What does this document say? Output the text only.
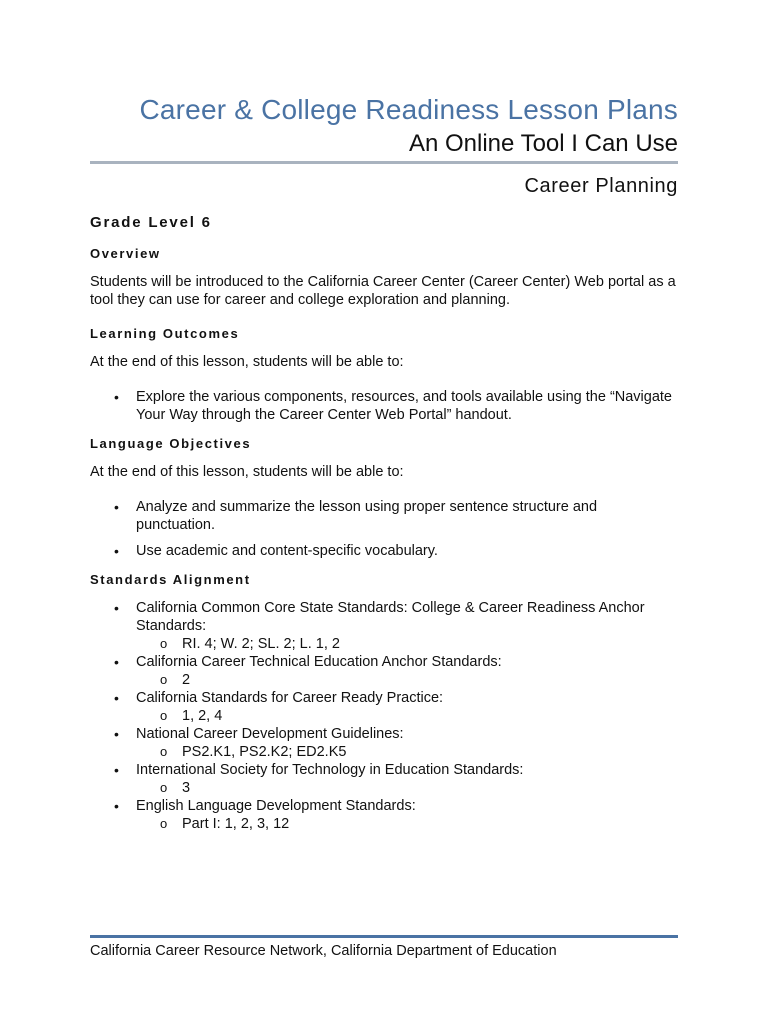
Career & College Readiness Lesson Plans
An Online Tool I Can Use
Career Planning
Grade Level 6
Overview

Students will be introduced to the California Career Center (Career Center) Web portal as a tool they can use for career and college exploration and planning.

Learning Outcomes

At the end of this lesson, students will be able to:

• Explore the various components, resources, and tools available using the “Navigate Your Way through the Career Center Web Portal” handout.
Language Objectives

At the end of this lesson, students will be able to:

• Analyze and summarize the lesson using proper sentence structure and punctuation.
• Use academic and content-specific vocabulary.
Standards Alignment
• California Common Core State Standards: College & Career Readiness Anchor Standards:
o RI. 4; W. 2; SL. 2; L. 1, 2
• California Career Technical Education Anchor Standards:
o 2
• California Standards for Career Ready Practice:
o 1, 2, 4
• National Career Development Guidelines:
o PS2.K1, PS2.K2; ED2.K5
• International Society for Technology in Education Standards:
o 3
• English Language Development Standards:
o Part I: 1, 2, 3, 12
California Career Resource Network, California Department of Education
